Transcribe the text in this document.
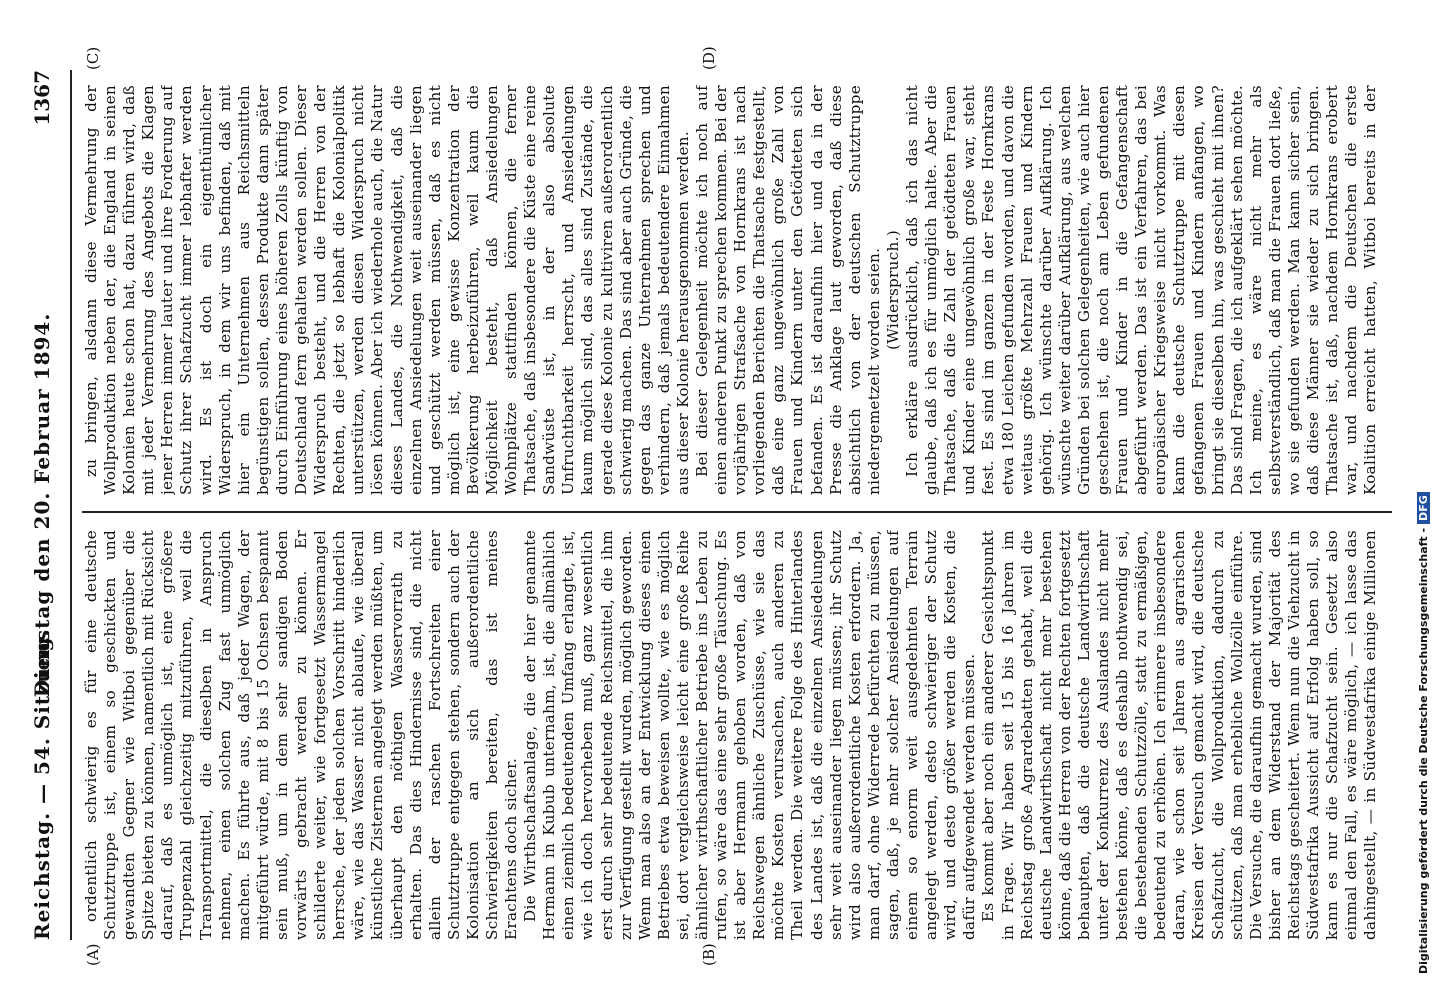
Reichstag. — 54. Sitzung.
Dienstag den 20. Februar 1894.
1367

ordentlich schwierig es für eine deutsche Schutztruppe ist, einem so geschickten und gewandten Gegner wie Witboi gegenüber die Spitze bieten zu können, namentlich mit Rücksicht darauf, daß es unmöglich ist, eine größere Truppenzahl gleichzeitig mitzuführen, weil die Transportmittel, die dieselben in Anspruch nehmen, einen solchen Zug fast unmöglich machen. Es führte aus, daß jeder Wagen, der mitgeführt würde, mit 8 bis 15 Ochsen bespannt sein muß, um in dem sehr sandigen Boden vorwärts gebracht werden zu können. Er schilderte weiter, wie fortgesetzt Wassermangel herrsche, der jeden solchen Vorschritt hinderlich wäre, wie das Wasser nicht ablaufe, wie überall künstliche Zisternen angelegt werden müßten, um überhaupt den nöthigen Wasservorrath zu erhalten. Das dies Hindernisse sind, die nicht allein der raschen Fortschreiten einer Schutztruppe entgegen stehen, sondern auch der Kolonisation an sich außerordentliche Schwierigkeiten bereiten, das ist meines Erachtens doch sicher. Die Wirthschaftsanlage, die der hier genannte Hermann in Kubub unternahm, ist, die allmählich einen ziemlich bedeutenden Umfang erlangte, ist, wie ich doch hervorheben muß, ganz wesentlich erst durch sehr bedeutende Reichsmittel, die ihm zur Verfügung gestellt wurden, möglich geworden. Wenn man also an der Entwicklung dieses einen Betriebes etwa beweisen wollte, wie es möglich sei, dort vergleichsweise leicht eine große Reihe ähnlicher wirthschaftlicher Betriebe ins Leben zu rufen, so wäre das eine sehr große Täuschung. Es ist aber Hermann gehoben worden, daß von Reichswegen ähnliche Zuschüsse, wie sie das möchte Kosten verursachen, auch anderen zu Theil werden. Die weitere Folge des Hinterlandes des Landes ist, daß die einzelnen Ansiedelungen sehr weit auseinander liegen müssen; ihr Schutz wird also außerordentliche Kosten erfordern. Ja, man darf, ohne Widerrede befürchten zu müssen, sagen, daß, je mehr solcher Ansiedelungen auf einem so enorm weit ausgedehnten Terrain angelegt werden, desto schwieriger der Schutz wird, und desto größer werden die Kosten, die dafür aufgewendet werden müssen. Es kommt aber noch ein anderer Gesichtspunkt in Frage. Wir haben seit 15 bis 16 Jahren im Reichstag große Agrardebatten gehabt, weil die deutsche Landwirthschaft nicht mehr bestehen könne, daß die Herren von der Rechten fortgesetzt behaupten, daß die deutsche Landwirthschaft unter der Konkurrenz des Auslandes nicht mehr bestehen könne, daß es deshalb nothwendig sei, die bestehenden Schutzzölle, statt zu ermäßigen, bedeutend zu erhöhen. Ich erinnere insbesondere daran, wie schon seit Jahren aus agrarischen Kreisen der Versuch gemacht wird, die deutsche Schafzucht, die Wollproduktion, dadurch zu schützen, daß man erhebliche Wollzölle einführe. Die Versuche, die daraufhin gemacht wurden, sind bisher an dem Widerstand der Majorität des Reichstags gescheitert. Wenn nun die Viehzucht in Südwestafrika Aussicht auf Erfolg haben soll, so kann es nur die Schafzucht sein. Gesetzt also einmal den Fall, es wäre möglich, — ich lasse das dahingestellt, — in Südwestafrika einige Millionen

zu bringen, alsdann diese Vermehrung der Wollproduktion neben der, die England in seinen Kolonien heute schon hat, dazu führen wird, daß mit jeder Vermehrung des Angebots die Klagen jener Herren immer lauter und ihre Forderung auf Schutz ihrer Schafzucht immer lebhafter werden wird. Es ist doch ein eigenthümlicher Widerspruch, in dem wir uns befinden, daß mit hier ein Unternehmen aus Reichsmitteln begünstigen sollen, dessen Produkte dann später durch Einführung eines höheren Zolls künftig von Deutschland fern gehalten werden sollen. Dieser Widerspruch besteht, und die Herren von der Rechten, die jetzt so lebhaft die Kolonialpolitik unterstützen, werden diesen Widerspruch nicht lösen können. Aber ich wiederhole auch, die Natur dieses Landes, die Nothwendigkeit, daß die einzelnen Ansiedelungen weit auseinander liegen und geschützt werden müssen, daß es nicht möglich ist, eine gewisse Konzentration der Bevölkerung herbeizuführen, weil kaum die Möglichkeit besteht, daß Ansiedelungen Wohnplätze stattfinden können, die ferner Thatsache, daß insbesondere die Küste eine reine Sandwüste ist, in der also absolute Unfruchtbarkeit herrscht, und Ansiedelungen kaum möglich sind, das alles sind Zustände, die gerade diese Kolonie zu kultiviren außerordentlich schwierig machen. Das sind aber auch Gründe, die gegen das ganze Unternehmen sprechen und verhindern, daß jemals bedeutendere Einnahmen aus dieser Kolonie herausgenommen werden. Bei dieser Gelegenheit möchte ich noch auf einen anderen Punkt zu sprechen kommen. Bei der vorjährigen Strafsache von Hornkrans ist nach vorliegenden Berichten die Thatsache festgestellt, daß eine ganz ungewöhnlich große Zahl von Frauen und Kindern unter den Getödteten sich befanden. Es ist daraufhin hier und da in der Presse die Anklage laut geworden, daß diese absichtlich von der deutschen Schutztruppe niedergemetzelt worden seien. (Widerspruch.)

Ich erkläre ausdrücklich, daß ich das nicht glaube, daß ich es für unmöglich halte. Aber die Thatsache, daß die Zahl der getödteten Frauen und Kinder eine ungewöhnlich große war, steht fest. Es sind im ganzen in der Feste Hornkrans etwa 180 Leichen gefunden worden, und davon die weitaus größte Mehrzahl Frauen und Kindern gehörig. Ich wünschte darüber Aufklärung. Ich wünschte weiter darüber Aufklärung, aus welchen Gründen bei solchen Gelegenheiten, wie auch hier geschehen ist, die noch am Leben gefundenen Frauen und Kinder in die Gefangenschaft abgeführt werden. Das ist ein Verfahren, das bei europäischer Kriegsweise nicht vorkommt. Was kann die deutsche Schutztruppe mit diesen gefangenen Frauen und Kindern anfangen, wo bringt sie dieselben hin, was geschieht mit ihnen? Das sind Fragen, die ich aufgeklärt sehen möchte. Ich meine, es wäre nicht mehr als selbstverständlich, daß man die Frauen dort ließe, wo sie gefunden werden. Man kann sicher sein, daß diese Männer sie wieder zu sich bringen. Thatsache ist, daß, nachdem Hornkrans erobert war, und nachdem die Deutschen die erste Koalition erreicht hatten, Witboi bereits in der

(A)	(B)
(C)	(D)
Digitalisierung gefördert durch die Deutsche Forschungsgemeinschaft -DFG
